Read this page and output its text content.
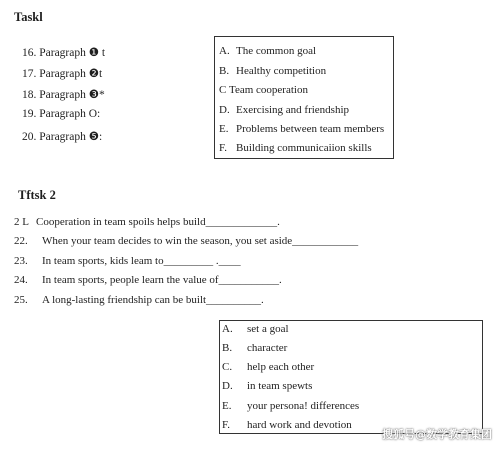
Taskl
16. Paragraph ❶ t
17. Paragraph ❷t
18. Paragraph ❸*
19. Paragraph O:
20. Paragraph ❺:
A. The common goal
B. Healthy competition
C Team cooperation
D. Exercising and friendship
E. Problems between team members
F. Building communicaiion skills
Tftsk 2
2 L Cooperation in team spoils helps build_____________.
22. When your team decides to win the season, you set aside____________
23. In team sports, kids leam to_________ .____
24. In team sports, people learn the value of___________.
25. A long-lasting friendship can be built__________.
A. set a goal
B. character
C. help each other
D. in team spewts
E. your persona! differences
F. hard work and devotion
搜狐号@数学教育集团
